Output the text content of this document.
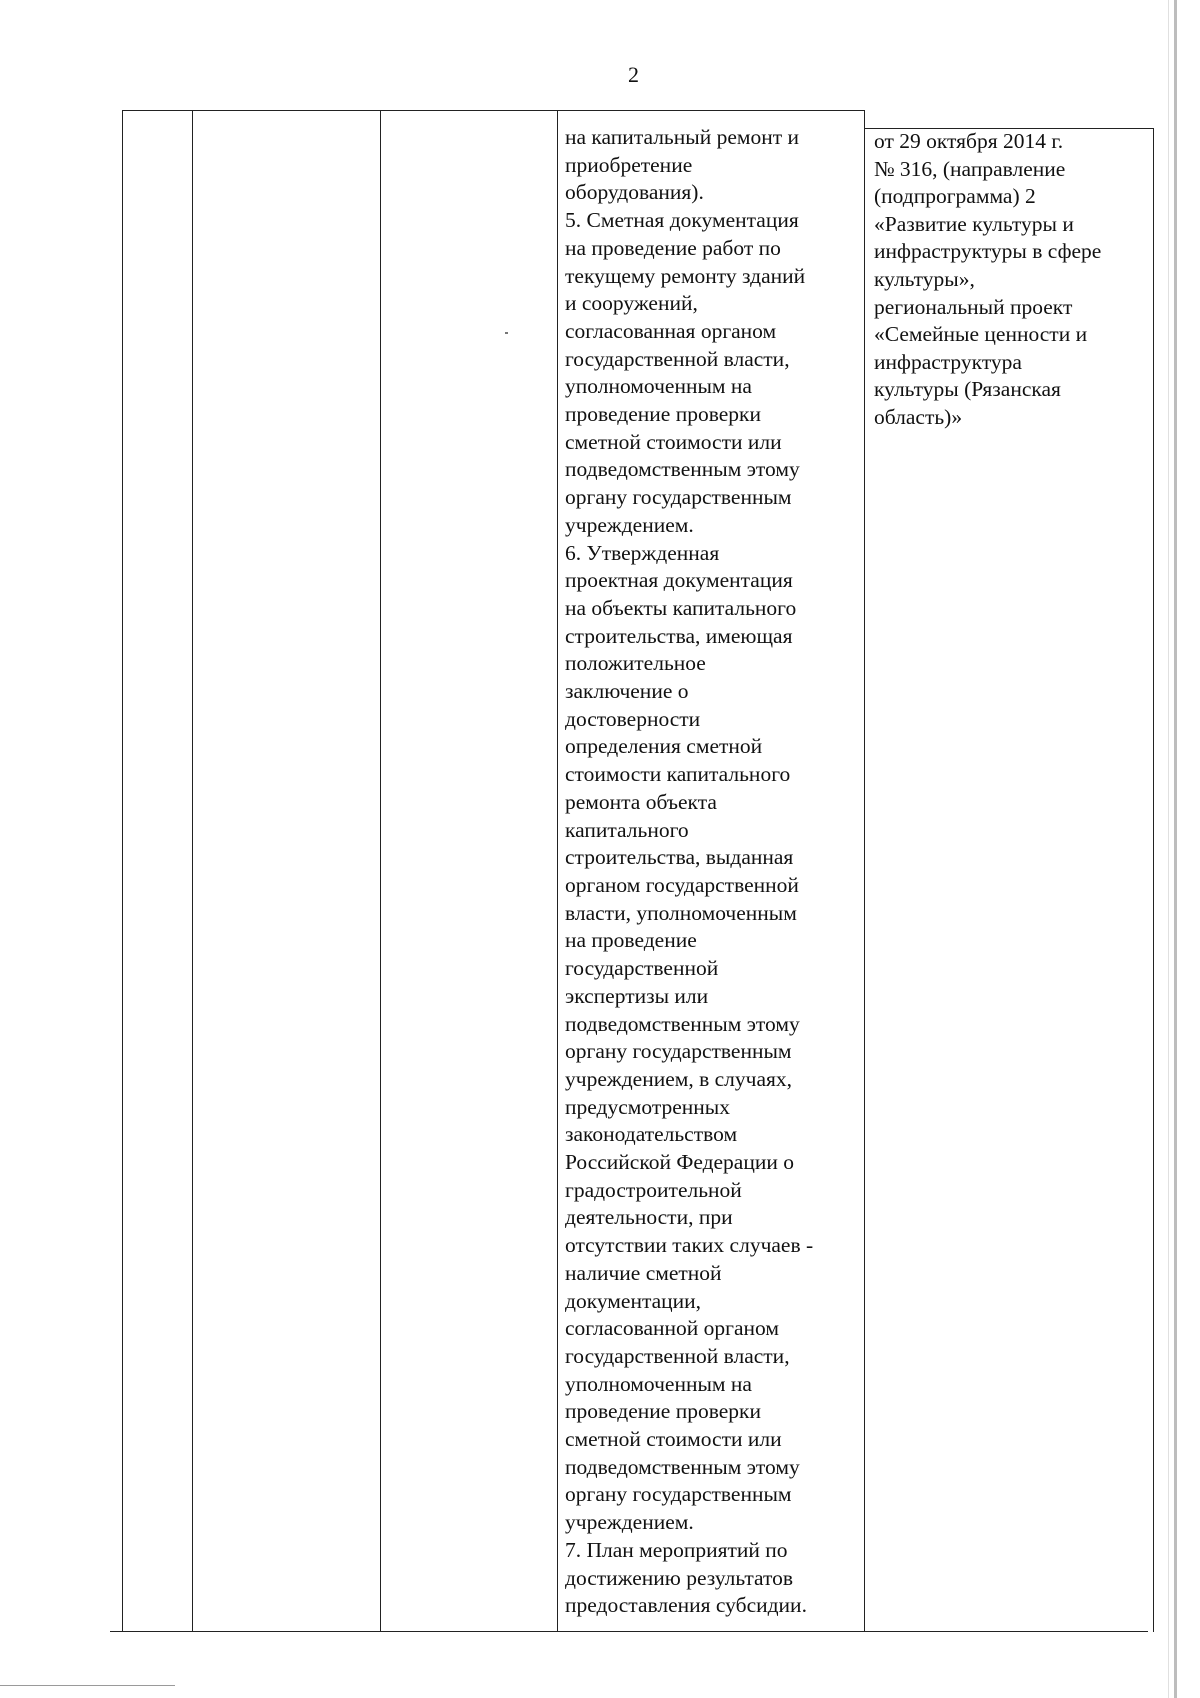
2
на капитальный ремонт и
приобретение
оборудования).
5. Сметная документация
на проведение работ по
текущему ремонту зданий
и сооружений,
согласованная органом
государственной власти,
уполномоченным на
проведение проверки
сметной стоимости или
подведомственным этому
органу государственным
учреждением.
6. Утвержденная
проектная документация
на объекты капитального
строительства, имеющая
положительное
заключение о
достоверности
определения сметной
стоимости капитального
ремонта объекта
капитального
строительства, выданная
органом государственной
власти, уполномоченным
на проведение
государственной
экспертизы или
подведомственным этому
органу государственным
учреждением, в случаях,
предусмотренных
законодательством
Российской Федерации о
градостроительной
деятельности, при
отсутствии таких случаев -
наличие сметной
документации,
согласованной органом
государственной власти,
уполномоченным на
проведение проверки
сметной стоимости или
подведомственным этому
органу государственным
учреждением.
7. План мероприятий по
достижению результатов
предоставления субсидии.
от 29 октября 2014 г.
№ 316, (направление
(подпрограмма) 2
«Развитие культуры и
инфраструктуры в сфере
культуры»,
региональный проект
«Семейные ценности и
инфраструктура
культуры (Рязанская
область)»
